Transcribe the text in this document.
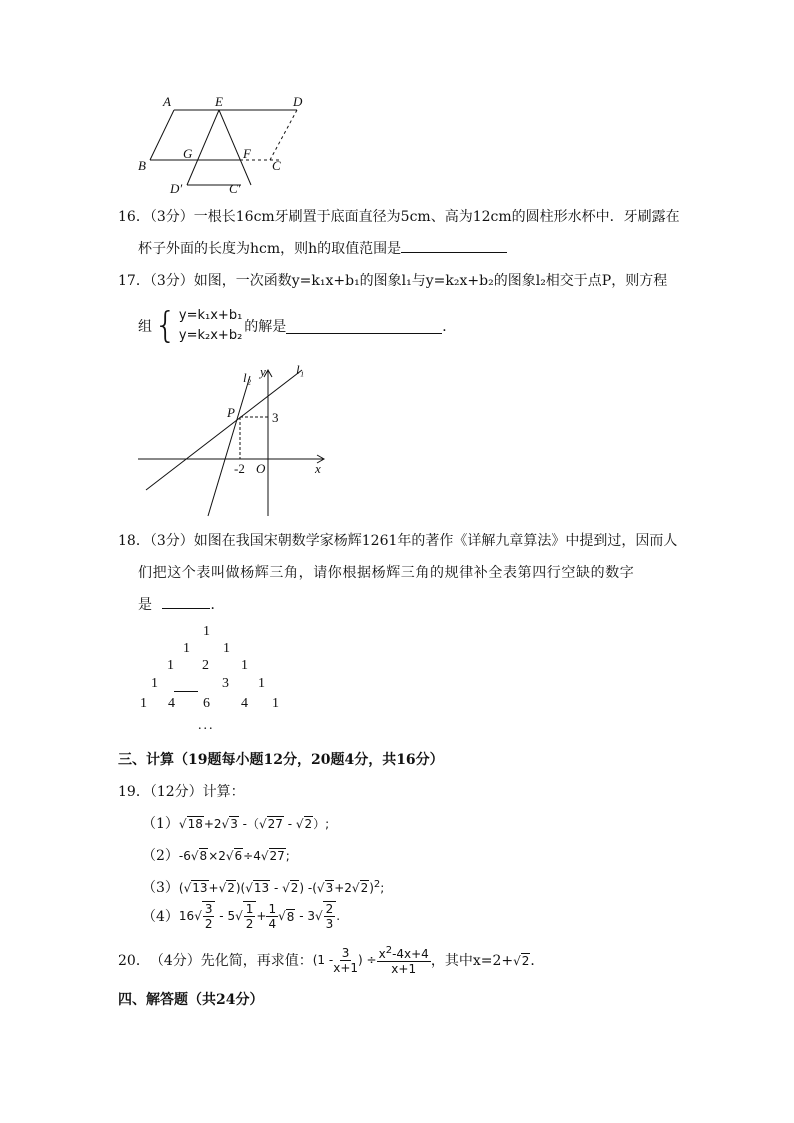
A	E	D
B
G	F
C
D′	C′
16．（3分）一根长16cm牙刷置于底面直径为5cm、高为12cm的圆柱形水杯中．牙刷露在
杯子外面的长度为hcm，则h的取值范围是
17．（3分）如图，一次函数y=k₁x+b₁的图象l₁与y=k₂x+b₂的图象l₂相交于点P，则方程
组 { y=k₁x+b₁
y=k₂x+b₂
的解是	．
l₂ y l₁
P
O	x
3
-2
18．（3分）如图在我国宋朝数学家杨辉1261年的著作《详解九章算法》中提到过，因而人
们把这个表叫做杨辉三角，请你根据杨辉三角的规律补全表第四行空缺的数字
是	．
1
1 1
1 2 1
1	3 1
1 4 6 4 1
...
三、计算（19题每小题12分，20题4分，共16分）
19．（12分）计算：
（1）√18+2√3 -（√27 - √2）;
（2）-6√8×2√6÷4√27;
（3）(√13+√2)(√13 - √2) $-(√3+2√2)^2$;
（4） $16√ \frac{3}{2} - 5√ \frac{1}{2} + \frac{1}{4}$ √ $8 - 3√ \frac{2}{3}$ .
20． （4分） 先化简，再求值： ($1 - \frac{3}{x+1}$ ) ÷ $\frac{x^2-4x+4}{x+1}$ ，其中x=2+ √2 ．
四、解答题（共24分）
